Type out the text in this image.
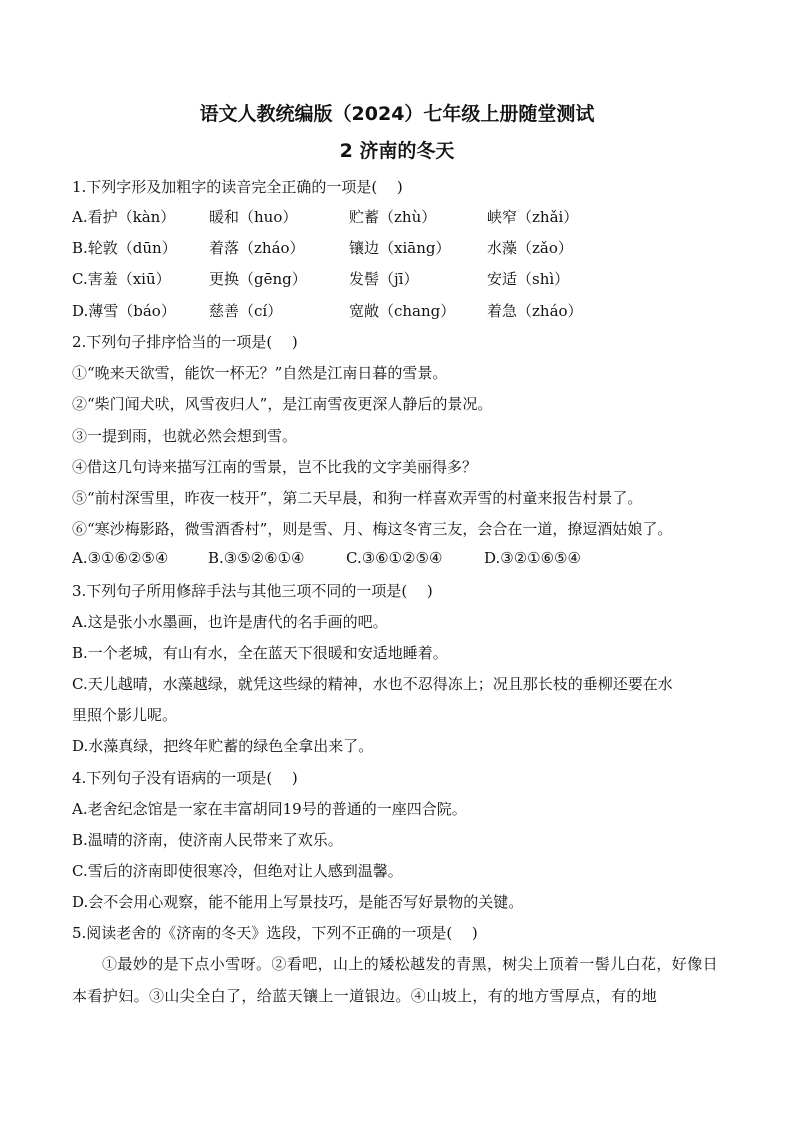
语文人教统编版（2024）七年级上册随堂测试
2 济南的冬天
1.下列字形及加粗字的读音完全正确的一项是(　 )
A.看护（kàn） 暖和（huo）	贮蓄（zhù）	峡窄（zhǎi）
B.轮敦（dūn） 着落（zháo）	镶边（xiāng） 水藻（zǎo）
C.害羞（xiū）	更换（gēng）	发髻（jī）	安适（shì）
D.薄雪（báo） 慈善（cí）	宽敞（chang） 着急（zháo）
2.下列句子排序恰当的一项是(　 )
①“晚来天欲雪，能饮一杯无？”自然是江南日暮的雪景。
②“柴门闻犬吠，风雪夜归人”，是江南雪夜更深人静后的景况。
③一提到雨，也就必然会想到雪。
④借这几句诗来描写江南的雪景，岂不比我的文字美丽得多？
⑤“前村深雪里，昨夜一枝开”，第二天早晨，和狗一样喜欢弄雪的村童来报告村景了。
⑥“寒沙梅影路，微雪酒香村”，则是雪、月、梅这冬宵三友，会合在一道，撩逗酒姑娘了。
A.③①⑥②⑤④	B.③⑤②⑥①④	C.③⑥①②⑤④	D.③②①⑥⑤④
3.下列句子所用修辞手法与其他三项不同的一项是(　 )
A.这是张小水墨画，也许是唐代的名手画的吧。
B.一个老城，有山有水，全在蓝天下很暖和安适地睡着。
C.天儿越晴，水藻越绿，就凭这些绿的精神，水也不忍得冻上；况且那长枝的垂柳还要在水
里照个影儿呢。
D.水藻真绿，把终年贮蓄的绿色全拿出来了。
4.下列句子没有语病的一项是(　 )
A.老舍纪念馆是一家在丰富胡同19号的普通的一座四合院。
B.温晴的济南，使济南人民带来了欢乐。
C.雪后的济南即使很寒冷，但绝对让人感到温馨。
D.会不会用心观察，能不能用上写景技巧，是能否写好景物的关键。
5.阅读老舍的《济南的冬天》选段，下列不正确的一项是(　 )
①最妙的是下点小雪呀。②看吧，山上的矮松越发的青黑，树尖上顶着一髻儿白花，好像日本看护妇。③山尖全白了，给蓝天镶上一道银边。④山坡上，有的地方雪厚点，有的地
